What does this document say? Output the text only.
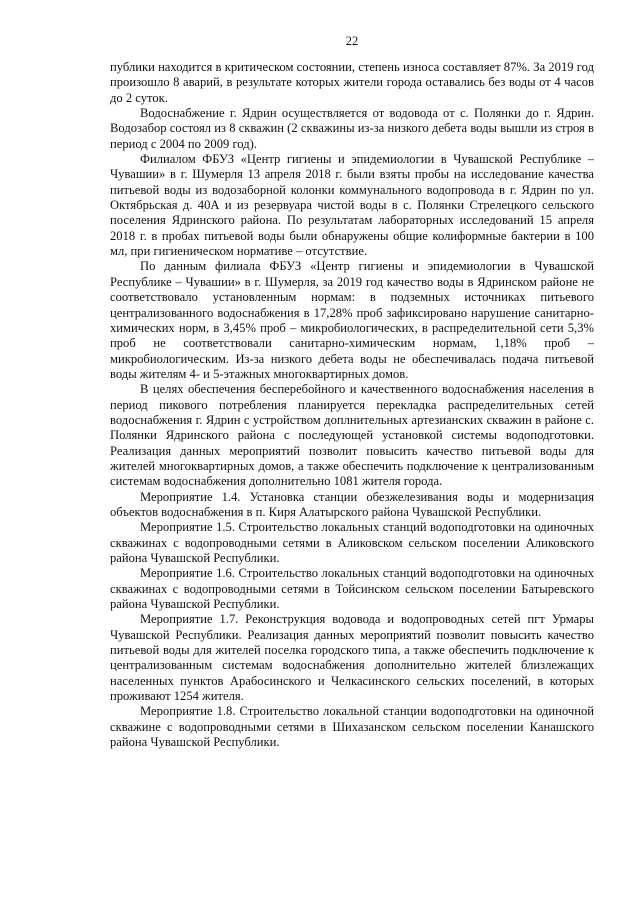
22

публики находится в критическом состоянии, степень износа составляет 87%. За 2019 год произошло 8 аварий, в результате которых жители города оставались без воды от 4 часов до 2 суток.

Водоснабжение г. Ядрин осуществляется от водовода от с. Полянки до г. Ядрин. Водозабор состоял из 8 скважин (2 скважины из-за низкого дебета воды вышли из строя в период с 2004 по 2009 год).

Филиалом ФБУЗ «Центр гигиены и эпидемиологии в Чувашской Республике – Чувашии» в г. Шумерля 13 апреля 2018 г. были взяты пробы на исследование качества питьевой воды из водозаборной колонки коммунального водопровода в г. Ядрин по ул. Октябрьская д. 40А и из резервуара чистой воды в с. Полянки Стрелецкого сельского поселения Ядринского района. По результатам лабораторных исследований 15 апреля 2018 г. в пробах питьевой воды были обнаружены общие колиформные бактерии в 100 мл, при гигиеническом нормативе – отсутствие.

По данным филиала ФБУЗ «Центр гигиены и эпидемиологии в Чувашской Республике – Чувашии» в г. Шумерля, за 2019 год качество воды в Ядринском районе не соответствовало установленным нормам: в подземных источниках питьевого централизованного водоснабжения в 17,28% проб зафиксировано нарушение санитарно-химических норм, в 3,45% проб – микробиологических, в распределительной сети 5,3% проб не соответствовали санитарно-химическим нормам, 1,18% проб – микробиологическим. Из-за низкого дебета воды не обеспечивалась подача питьевой воды жителям 4- и 5-этажных многоквартирных домов.

В целях обеспечения бесперебойного и качественного водоснабжения населения в период пикового потребления планируется перекладка распределительных сетей водоснабжения г. Ядрин с устройством доплнительных артезианских скважин в районе с. Полянки Ядринского района с последующей установкой системы водоподготовки. Реализация данных мероприятий позволит повысить качество питьевой воды для жителей многоквартирных домов, а также обеспечить подключение к централизованным системам водоснабжения дополнительно 1081 жителя города.

Мероприятие 1.4. Установка станции обезжелезивания воды и модернизация объектов водоснабжения в п. Киря Алатырского района Чувашской Республики.

Мероприятие 1.5. Строительство локальных станций водоподготовки на одиночных скважинах с водопроводными сетями в Аликовском сельском поселении Аликовского района Чувашской Республики.

Мероприятие 1.6. Строительство локальных станций водоподготовки на одиночных скважинах с водопроводными сетями в Тойсинском сельском поселении Батыревского района Чувашской Республики.

Мероприятие 1.7. Реконструкция водовода и водопроводных сетей пгт Урмары Чувашской Республики. Реализация данных мероприятий позволит повысить качество питьевой воды для жителей поселка городского типа, а также обеспечить подключение к централизованным системам водоснабжения дополнительно жителей близлежащих населенных пунктов Арабосинского и Челкасинского сельских поселений, в которых проживают 1254 жителя.

Мероприятие 1.8. Строительство локальной станции водоподготовки на одиночной скважине с водопроводными сетями в Шихазанском сельском поселении Канашского района Чувашской Республики.
